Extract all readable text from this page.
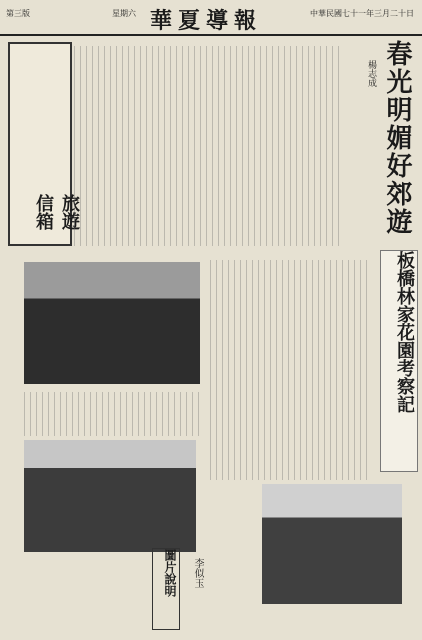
第三版	星期六 華夏導報	中華民國七十一年三月二十日
春光明媚好郊遊
楊志成
旅遊信箱
板橋林家花園考察記
圖片說明	李似玉
